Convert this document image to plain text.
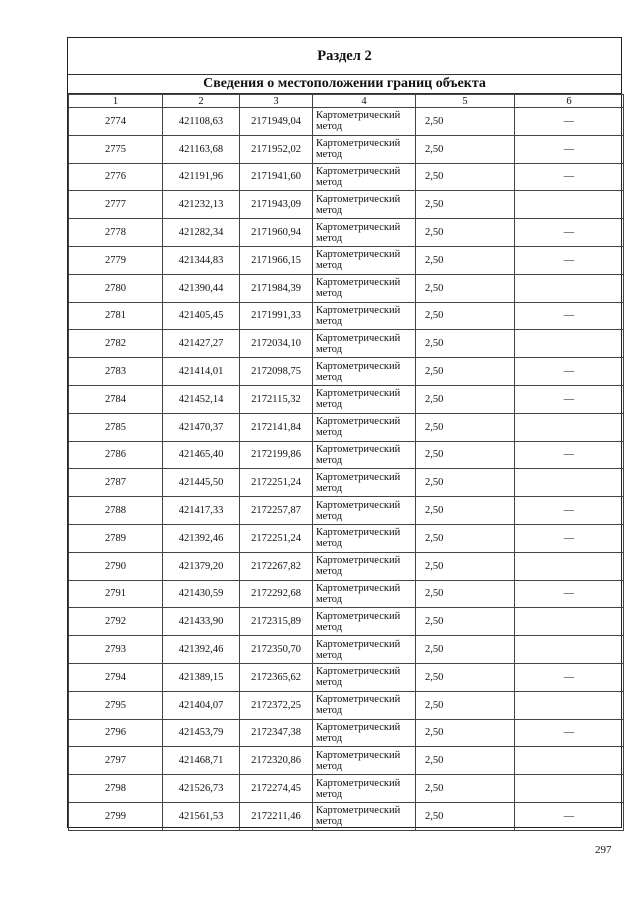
Раздел 2
Сведения о местоположении границ объекта
1	2	3	4	5	6
2774	421108,63	2171949,04	Картометрический метод	2,50	—
2775	421163,68	2171952,02	Картометрический метод	2,50	—
2776	421191,96	2171941,60	Картометрический метод	2,50	—
2777	421232,13	2171943,09	Картометрический метод	2,50	
2778	421282,34	2171960,94	Картометрический метод	2,50	—
2779	421344,83	2171966,15	Картометрический метод	2,50	—
2780	421390,44	2171984,39	Картометрический метод	2,50	
2781	421405,45	2171991,33	Картометрический метод	2,50	—
2782	421427,27	2172034,10	Картометрический метод	2,50	
2783	421414,01	2172098,75	Картометрический метод	2,50	—
2784	421452,14	2172115,32	Картометрический метод	2,50	—
2785	421470,37	2172141,84	Картометрический метод	2,50	
2786	421465,40	2172199,86	Картометрический метод	2,50	—
2787	421445,50	2172251,24	Картометрический метод	2,50	
2788	421417,33	2172257,87	Картометрический метод	2,50	—
2789	421392,46	2172251,24	Картометрический метод	2,50	—
2790	421379,20	2172267,82	Картометрический метод	2,50	
2791	421430,59	2172292,68	Картометрический метод	2,50	—
2792	421433,90	2172315,89	Картометрический метод	2,50	
2793	421392,46	2172350,70	Картометрический метод	2,50	
2794	421389,15	2172365,62	Картометрический метод	2,50	—
2795	421404,07	2172372,25	Картометрический метод	2,50	
2796	421453,79	2172347,38	Картометрический метод	2,50	—
2797	421468,71	2172320,86	Картометрический метод	2,50	
2798	421526,73	2172274,45	Картометрический метод	2,50	
2799	421561,53	2172211,46	Картометрический метод	2,50	—
297
